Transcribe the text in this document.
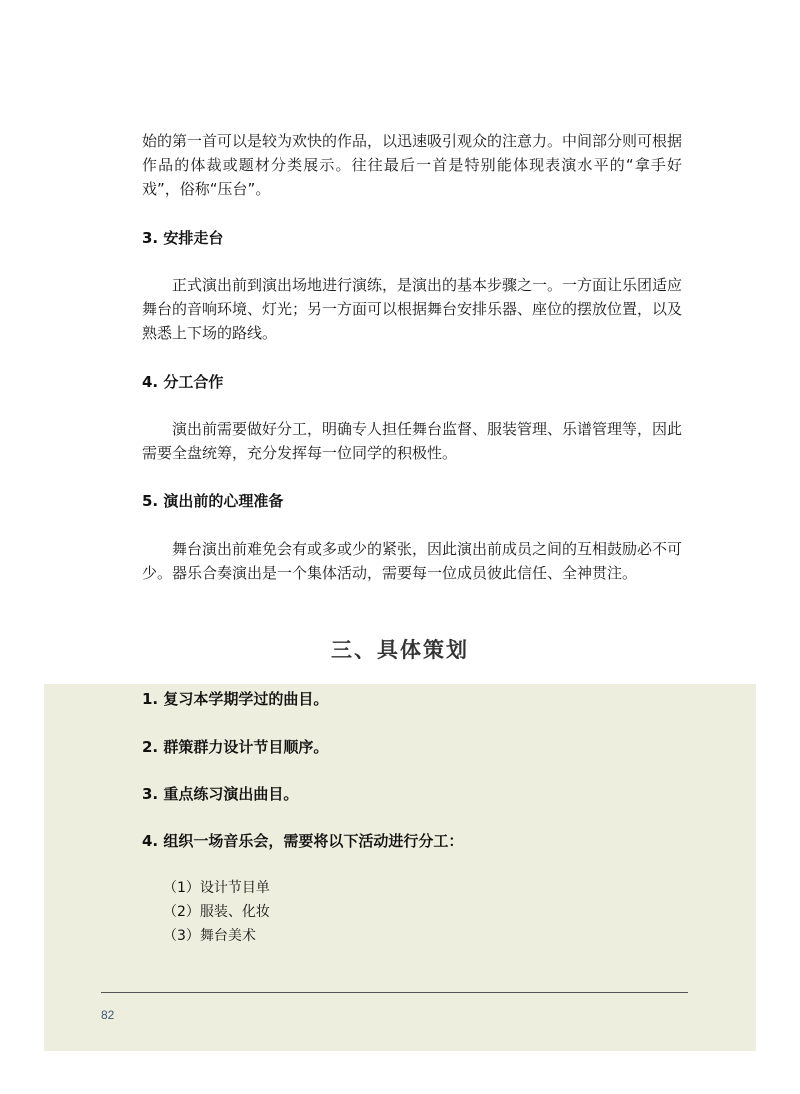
始的第一首可以是较为欢快的作品，以迅速吸引观众的注意力。中间部分则可根据作品的体裁或题材分类展示。往往最后一首是特别能体现表演水平的“拿手好戏”，俗称“压台”。

3. 安排走台

正式演出前到演出场地进行演练，是演出的基本步骤之一。一方面让乐团适应舞台的音响环境、灯光；另一方面可以根据舞台安排乐器、座位的摆放位置，以及熟悉上下场的路线。

4. 分工合作

演出前需要做好分工，明确专人担任舞台监督、服装管理、乐谱管理等，因此需要全盘统筹，充分发挥每一位同学的积极性。

5. 演出前的心理准备

舞台演出前难免会有或多或少的紧张，因此演出前成员之间的互相鼓励必不可少。器乐合奏演出是一个集体活动，需要每一位成员彼此信任、全神贯注。

三、具体策划

1. 复习本学期学过的曲目。

2. 群策群力设计节目顺序。

3. 重点练习演出曲目。

4. 组织一场音乐会，需要将以下活动进行分工：

（1）设计节目单

（2）服装、化妆

（3）舞台美术

82
